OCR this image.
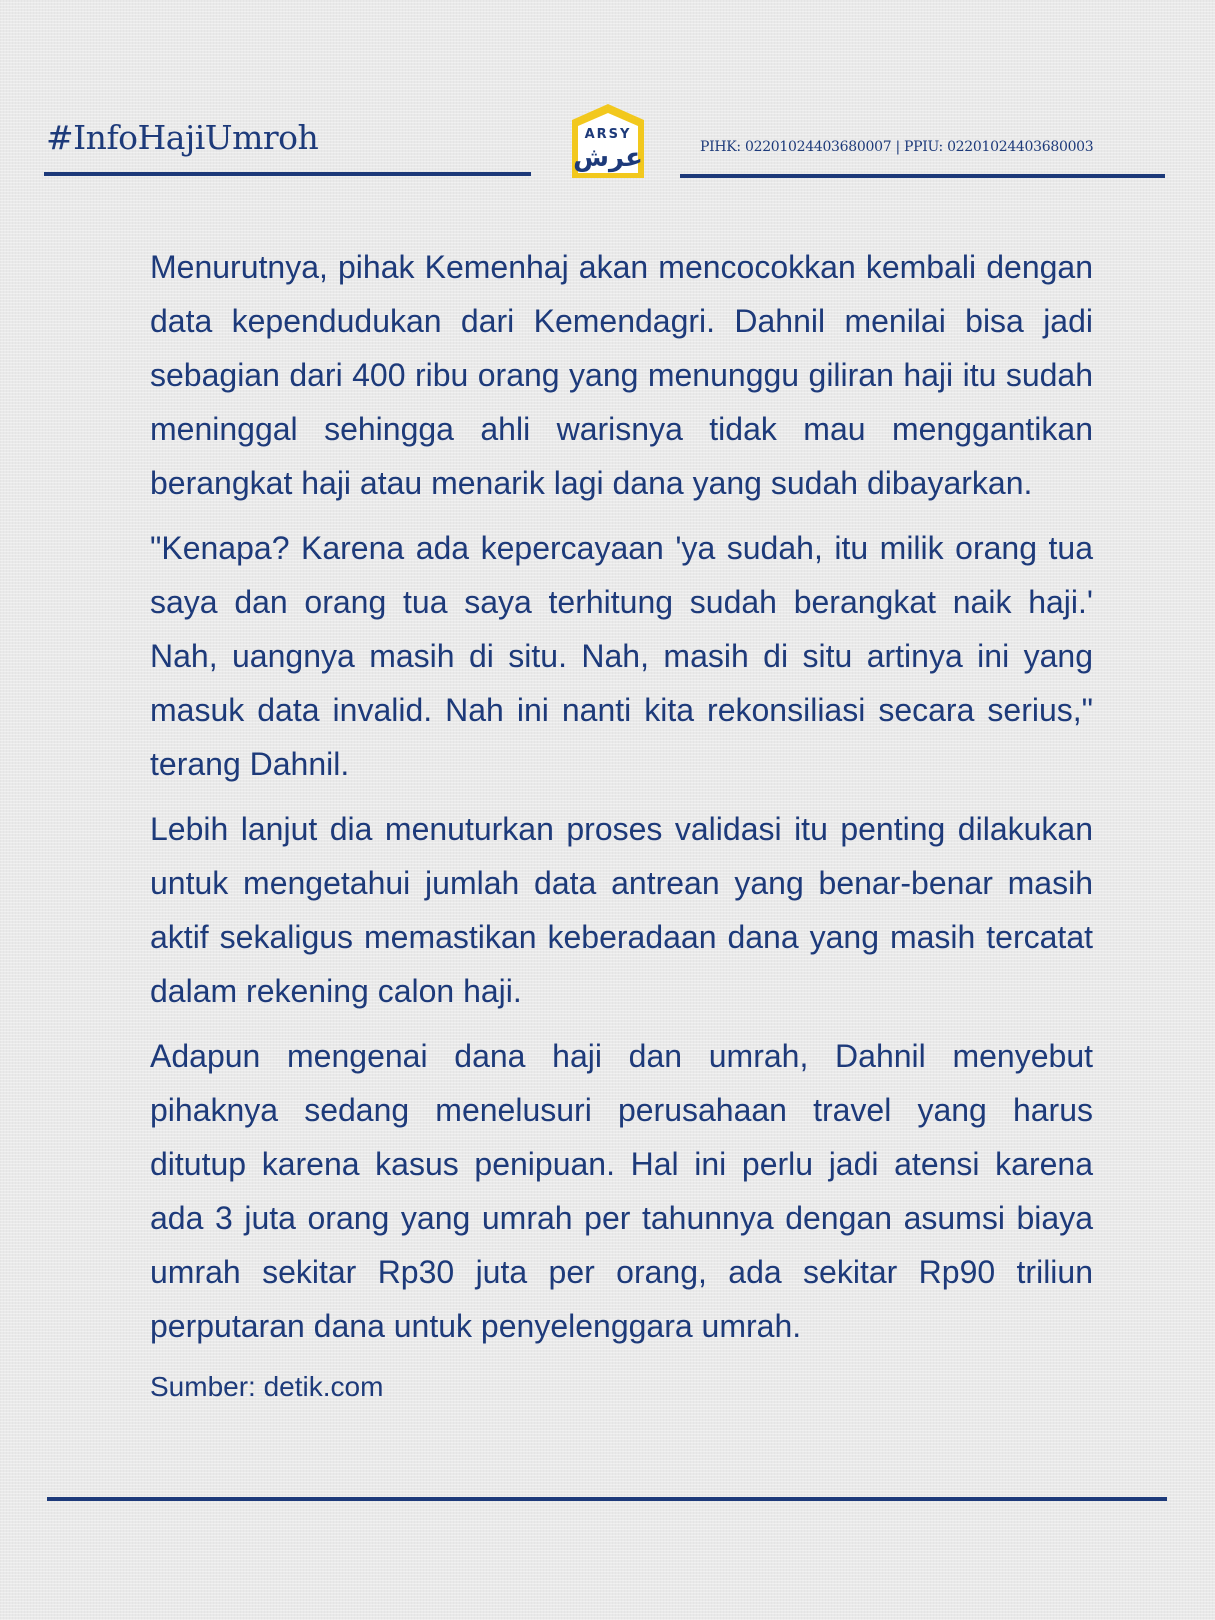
#InfoHajiUmroh	ARSY
عرش	PIHK: 02201024403680007 | PPIU: 02201024403680003

Menurutnya, pihak Kemenhaj akan mencocokkan kembali dengan data kependudukan dari Kemendagri. Dahnil menilai bisa jadi sebagian dari 400 ribu orang yang menunggu giliran haji itu sudah meninggal sehingga ahli warisnya tidak mau menggantikan berangkat haji atau menarik lagi dana yang sudah dibayarkan.

"Kenapa? Karena ada kepercayaan 'ya sudah, itu milik orang tua saya dan orang tua saya terhitung sudah berangkat naik haji.' Nah, uangnya masih di situ. Nah, masih di situ artinya ini yang masuk data invalid. Nah ini nanti kita rekonsiliasi secara serius," terang Dahnil.

Lebih lanjut dia menuturkan proses validasi itu penting dilakukan untuk mengetahui jumlah data antrean yang benar-benar masih aktif sekaligus memastikan keberadaan dana yang masih tercatat dalam rekening calon haji.

Adapun mengenai dana haji dan umrah, Dahnil menyebut pihaknya sedang menelusuri perusahaan travel yang harus ditutup karena kasus penipuan. Hal ini perlu jadi atensi karena ada 3 juta orang yang umrah per tahunnya dengan asumsi biaya umrah sekitar Rp30 juta per orang, ada sekitar Rp90 triliun perputaran dana untuk penyelenggara umrah.

Sumber: detik.com
